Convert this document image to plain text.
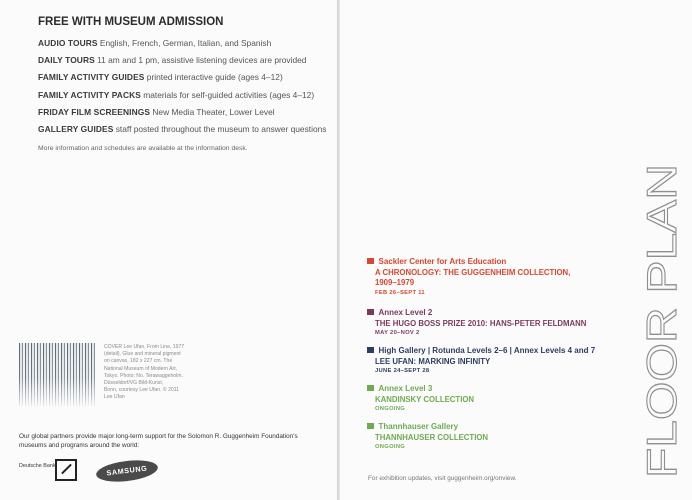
FREE WITH MUSEUM ADMISSION
AUDIO TOURS English, French, German, Italian, and Spanish
DAILY TOURS 11 am and 1 pm, assistive listening devices are provided
FAMILY ACTIVITY GUIDES printed interactive guide (ages 4–12)
FAMILY ACTIVITY PACKS materials for self-guided activities (ages 4–12)
FRIDAY FILM SCREENINGS New Media Theater, Lower Level
GALLERY GUIDES staff posted throughout the museum to answer questions
More information and schedules are available at the information desk.
COVER Lee Ufan, From Line, 1977
(detail). Glue and mineral pigment
on canvas, 182 x 227 cm. The
National Museum of Modern Art,
Tokyo. Photo: No. Terawaggeholm.
Düsseldorf/VG Bild-Kunst,
Bonn, courtesy Lee Ufan. © 2011
Lee Ufan
Our global partners provide major long-term support for the Solomon R. Guggenheim Foundation's museums and programs around the world:
Deutsche Bank	SAMSUNG	FLOOR PLAN
Sackler Center for Arts Education
A CHRONOLOGY: THE GUGGENHEIM COLLECTION,
1909–1979
FEB 26–SEPT 11
Annex Level 2
THE HUGO BOSS PRIZE 2010: HANS-PETER FELDMANN
MAY 20–NOV 2
High Gallery | Rotunda Levels 2–6 | Annex Levels 4 and 7
LEE UFAN: MARKING INFINITY
JUNE 24–SEPT 28
Annex Level 3
KANDINSKY COLLECTION
ONGOING
Thannhauser Gallery
THANNHAUSER COLLECTION
ONGOING
For exhibition updates, visit guggenheim.org/onview.
